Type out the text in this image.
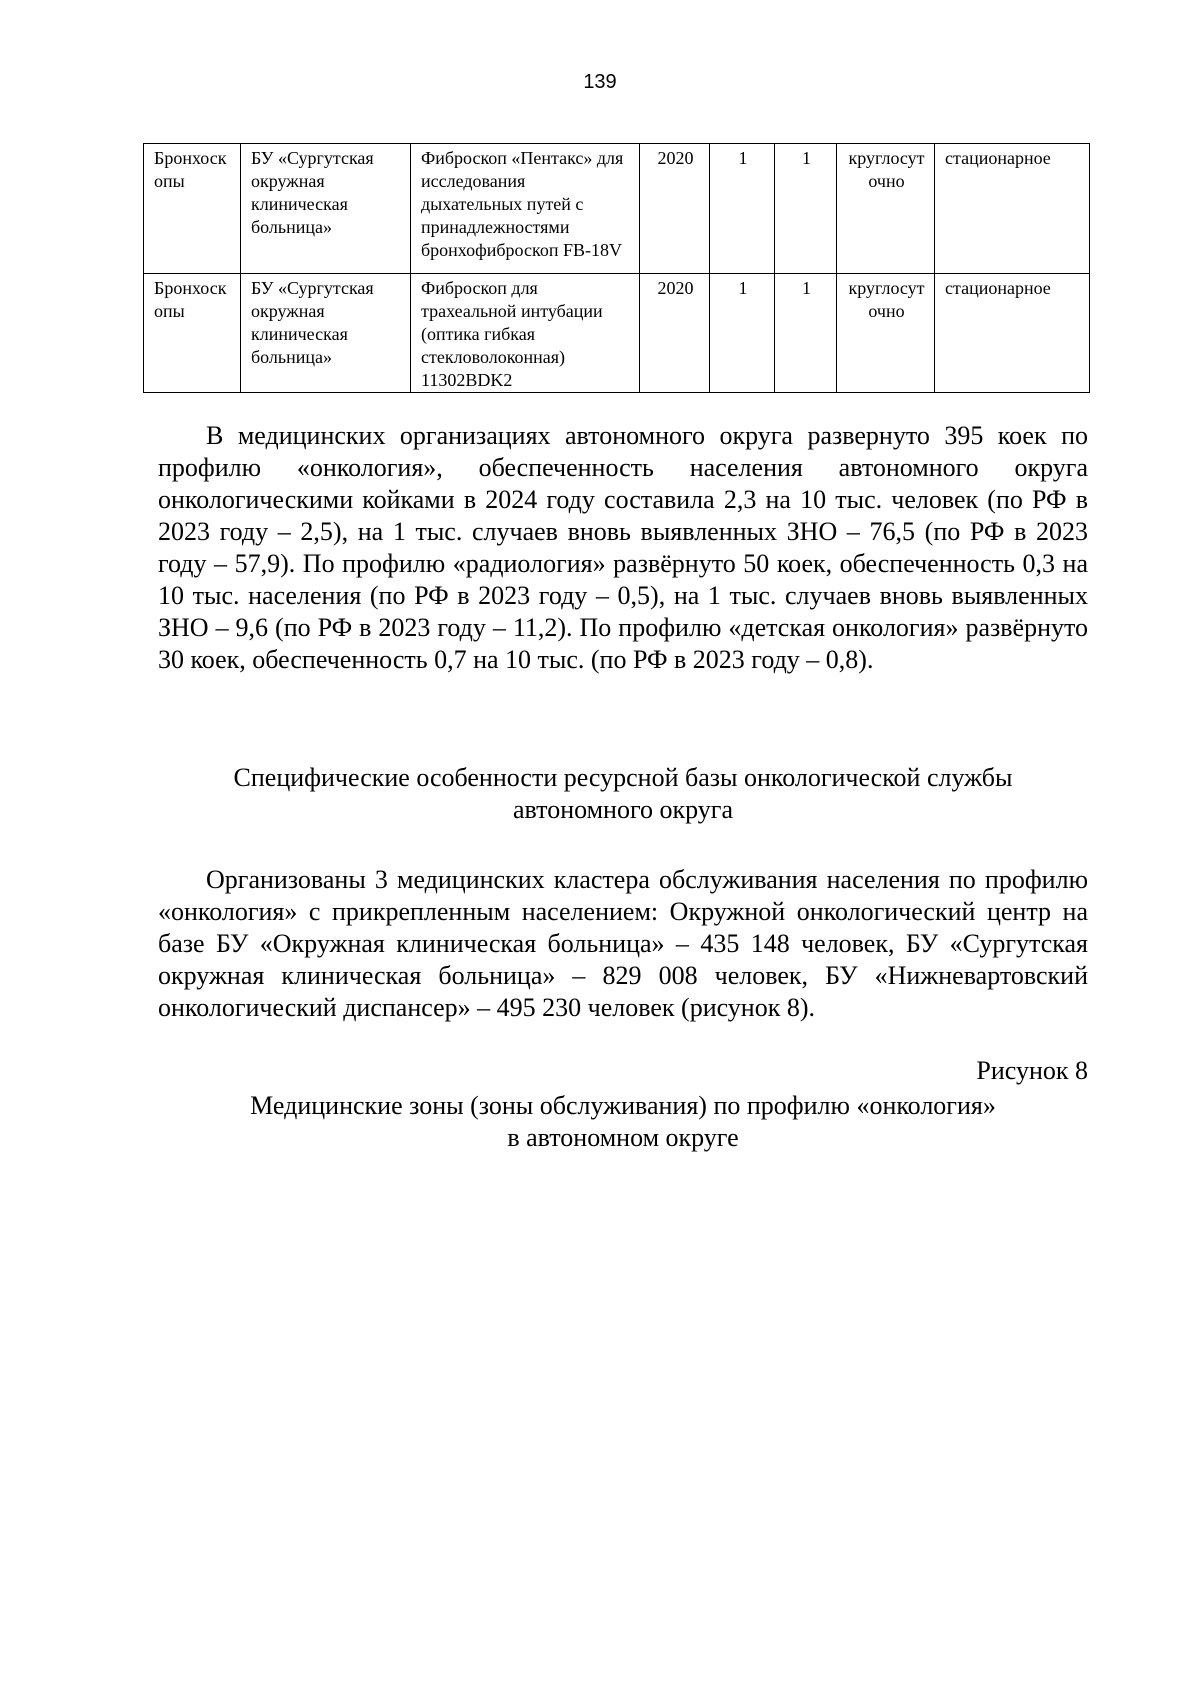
139
Бронхоскопы	БУ «Сургутская окружная клиническая больница»	Фиброскоп «Пентакс» для исследования дыхательных путей с принадлежностями бронхофиброскоп FB-18V	2020	1	1	круглосуточно	стационарное
Бронхоскопы	БУ «Сургутская окружная клиническая больница»	Фиброскоп для трахеальной интубации (оптика гибкая стекловолоконная) 11302BDK2	2020	1	1	круглосуточно	стационарное

В медицинских организациях автономного округа развернуто 395 коек по профилю «онкология», обеспеченность населения автономного округа онкологическими койками в 2024 году составила 2,3 на 10 тыс. человек (по РФ в 2023 году – 2,5), на 1 тыс. случаев вновь выявленных ЗНО – 76,5 (по РФ в 2023 году – 57,9). По профилю «радиология» развёрнуто 50 коек, обеспеченность 0,3 на 10 тыс. населения (по РФ в 2023 году – 0,5), на 1 тыс. случаев вновь выявленных ЗНО – 9,6 (по РФ в 2023 году – 11,2). По профилю «детская онкология» развёрнуто 30 коек, обеспеченность 0,7 на 10 тыс. (по РФ в 2023 году – 0,8).

Специфические особенности ресурсной базы онкологической службы
автономного округа

Организованы 3 медицинских кластера обслуживания населения по профилю «онкология» с прикрепленным населением: Окружной онкологический центр на базе БУ «Окружная клиническая больница» – 435 148 человек, БУ «Сургутская окружная клиническая больница» – 829 008 человек, БУ «Нижневартовский онкологический диспансер» – 495 230 человек (рисунок 8).

Рисунок 8
Медицинские зоны (зоны обслуживания) по профилю «онкология»
в автономном округе
